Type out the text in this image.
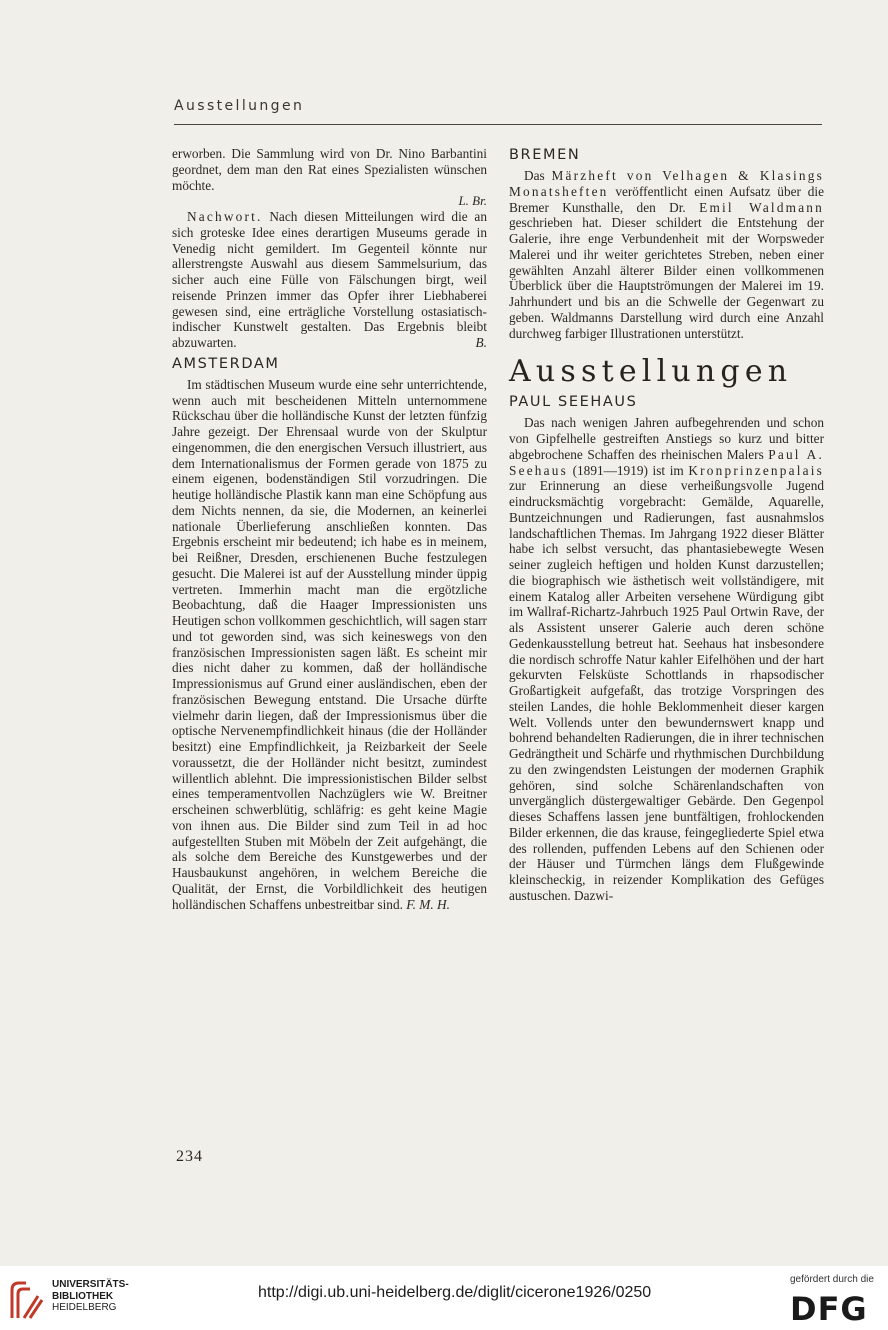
Ausstellungen

erworben. Die Sammlung wird von Dr. Nino Barbantini geordnet, dem man den Rat eines Spezialisten wünschen möchte.

L. Br.

Nachwort. Nach diesen Mitteilungen wird die an sich groteske Idee eines derartigen Museums gerade in Venedig nicht gemildert. Im Gegenteil könnte nur allerstrengste Auswahl aus diesem Sammelsurium, das sicher auch eine Fülle von Fälschungen birgt, weil reisende Prinzen immer das Opfer ihrer Liebhaberei gewesen sind, eine erträgliche Vorstellung ostasiatisch-indischer Kunstwelt gestalten. Das Ergebnis bleibt abzuwarten.	B.

AMSTERDAM

Im städtischen Museum wurde eine sehr unterrichtende, wenn auch mit bescheidenen Mitteln unternommene Rückschau über die holländische Kunst der letzten fünfzig Jahre gezeigt. Der Ehrensaal wurde von der Skulptur eingenommen, die den energischen Versuch illustriert, aus dem Internationalismus der Formen gerade von 1875 zu einem eigenen, bodenständigen Stil vorzudringen. Die heutige holländische Plastik kann man eine Schöpfung aus dem Nichts nennen, da sie, die Modernen, an keinerlei nationale Überlieferung anschließen konnten. Das Ergebnis erscheint mir bedeutend; ich habe es in meinem, bei Reißner, Dresden, erschienenen Buche festzulegen gesucht. Die Malerei ist auf der Ausstellung minder üppig vertreten. Immerhin macht man die ergötzliche Beobachtung, daß die Haager Impressionisten uns Heutigen schon vollkommen geschichtlich, will sagen starr und tot geworden sind, was sich keineswegs von den französischen Impressionisten sagen läßt. Es scheint mir dies nicht daher zu kommen, daß der holländische Impressionismus auf Grund einer ausländischen, eben der französischen Bewegung entstand. Die Ursache dürfte vielmehr darin liegen, daß der Impressionismus über die optische Nervenempfindlichkeit hinaus (die der Holländer besitzt) eine Empfindlichkeit, ja Reizbarkeit der Seele voraussetzt, die der Holländer nicht besitzt, zumindest willentlich ablehnt. Die impressionistischen Bilder selbst eines temperamentvollen Nachzüglers wie W. Breitner erscheinen schwerblütig, schläfrig: es geht keine Magie von ihnen aus. Die Bilder sind zum Teil in ad hoc aufgestellten Stuben mit Möbeln der Zeit aufgehängt, die als solche dem Bereiche des Kunstgewerbes und der Hausbaukunst angehören, in welchem Bereiche die Qualität, der Ernst, die Vorbildlichkeit des heutigen holländischen Schaffens unbestreitbar sind. F. M. H.

BREMEN

Das Märzheft von Velhagen & Klasings Monatsheften veröffentlicht einen Aufsatz über die Bremer Kunsthalle, den Dr. Emil Waldmann geschrieben hat. Dieser schildert die Entstehung der Galerie, ihre enge Verbundenheit mit der Worpsweder Malerei und ihr weiter gerichtetes Streben, neben einer gewählten Anzahl älterer Bilder einen vollkommenen Überblick über die Hauptströmungen der Malerei im 19. Jahrhundert und bis an die Schwelle der Gegenwart zu geben. Waldmanns Darstellung wird durch eine Anzahl durchweg farbiger Illustrationen unterstützt.

Ausstellungen
PAUL SEEHAUS

Das nach wenigen Jahren aufbegehrenden und schon von Gipfelhelle gestreiften Anstiegs so kurz und bitter abgebrochene Schaffen des rheinischen Malers Paul A. Seehaus (1891—1919) ist im Kronprinzenpalais zur Erinnerung an diese verheißungsvolle Jugend eindrucksmächtig vorgebracht: Gemälde, Aquarelle, Buntzeichnungen und Radierungen, fast ausnahmslos landschaftlichen Themas. Im Jahrgang 1922 dieser Blätter habe ich selbst versucht, das phantasiebewegte Wesen seiner zugleich heftigen und holden Kunst darzustellen; die biographisch wie ästhetisch weit vollständigere, mit einem Katalog aller Arbeiten versehene Würdigung gibt im Wallraf-Richartz-Jahrbuch 1925 Paul Ortwin Rave, der als Assistent unserer Galerie auch deren schöne Gedenkausstellung betreut hat. Seehaus hat insbesondere die nordisch schroffe Natur kahler Eifelhöhen und der hart gekurvten Felsküste Schottlands in rhapsodischer Großartigkeit aufgefaßt, das trotzige Vorspringen des steilen Landes, die hohle Beklommenheit dieser kargen Welt. Vollends unter den bewundernswert knapp und bohrend behandelten Radierungen, die in ihrer technischen Gedrängtheit und Schärfe und rhythmischen Durchbildung zu den zwingendsten Leistungen der modernen Graphik gehören, sind solche Schärenlandschaften von unvergänglich düstergewaltiger Gebärde. Den Gegenpol dieses Schaffens lassen jene buntfältigen, frohlockenden Bilder erkennen, die das krause, feingegliederte Spiel etwa des rollenden, puffenden Lebens auf den Schienen oder der Häuser und Türmchen längs dem Flußgewinde kleinscheckig, in reizender Komplikation des Gefüges austuschen. Dazwi-

234
UNIVERSITÄTS-
BIBLIOTHEK
HEIDELBERG
http://digi.ub.uni-heidelberg.de/diglit/cicerone1926/0250
gefördert durch die
DFG
